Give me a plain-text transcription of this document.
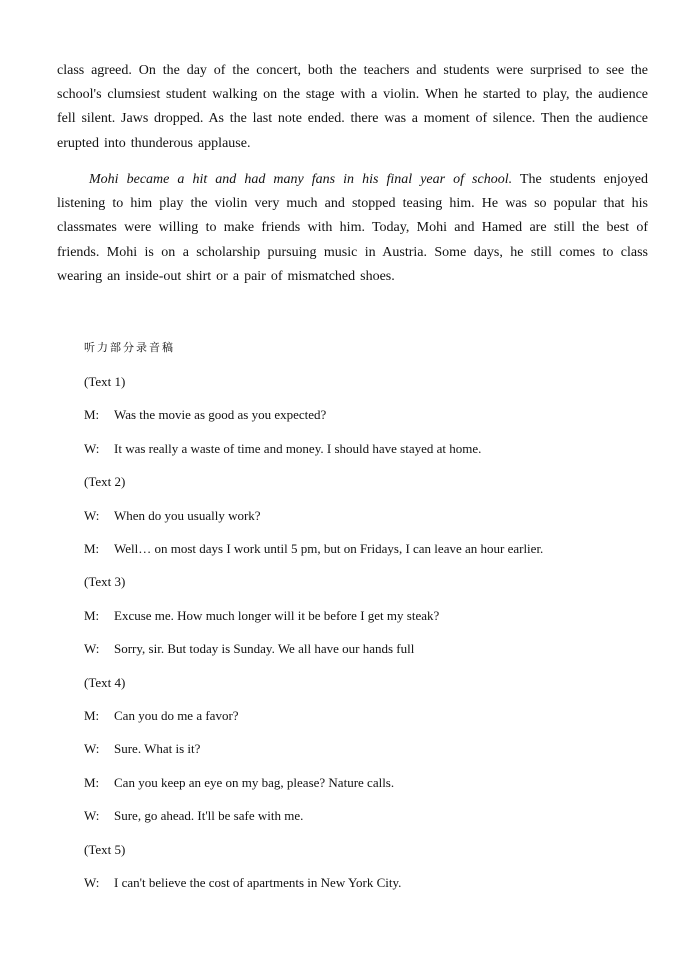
class agreed. On the day of the concert, both the teachers and students were surprised to see the school's clumsiest student walking on the stage with a violin. When he started to play, the audience fell silent. Jaws dropped. As the last note ended. there was a moment of silence. Then the audience erupted into thunderous applause.

Mohi became a hit and had many fans in his final year of school. The students enjoyed listening to him play the violin very much and stopped teasing him. He was so popular that his classmates were willing to make friends with him. Today, Mohi and Hamed are still the best of friends. Mohi is on a scholarship pursuing music in Austria. Some days, he still comes to class wearing an inside-out shirt or a pair of mismatched shoes.

听力部分录音稿
(Text 1)
M: Was the movie as good as you expected?
W: It was really a waste of time and money. I should have stayed at home.
(Text 2)
W: When do you usually work?
M: Well… on most days I work until 5 pm, but on Fridays, I can leave an hour earlier.
(Text 3)
M: Excuse me. How much longer will it be before I get my steak?
W: Sorry, sir. But today is Sunday. We all have our hands full
(Text 4)
M: Can you do me a favor?
W: Sure. What is it?
M: Can you keep an eye on my bag, please? Nature calls.
W: Sure, go ahead. It'll be safe with me.
(Text 5)
W: I can't believe the cost of apartments in New York City.
